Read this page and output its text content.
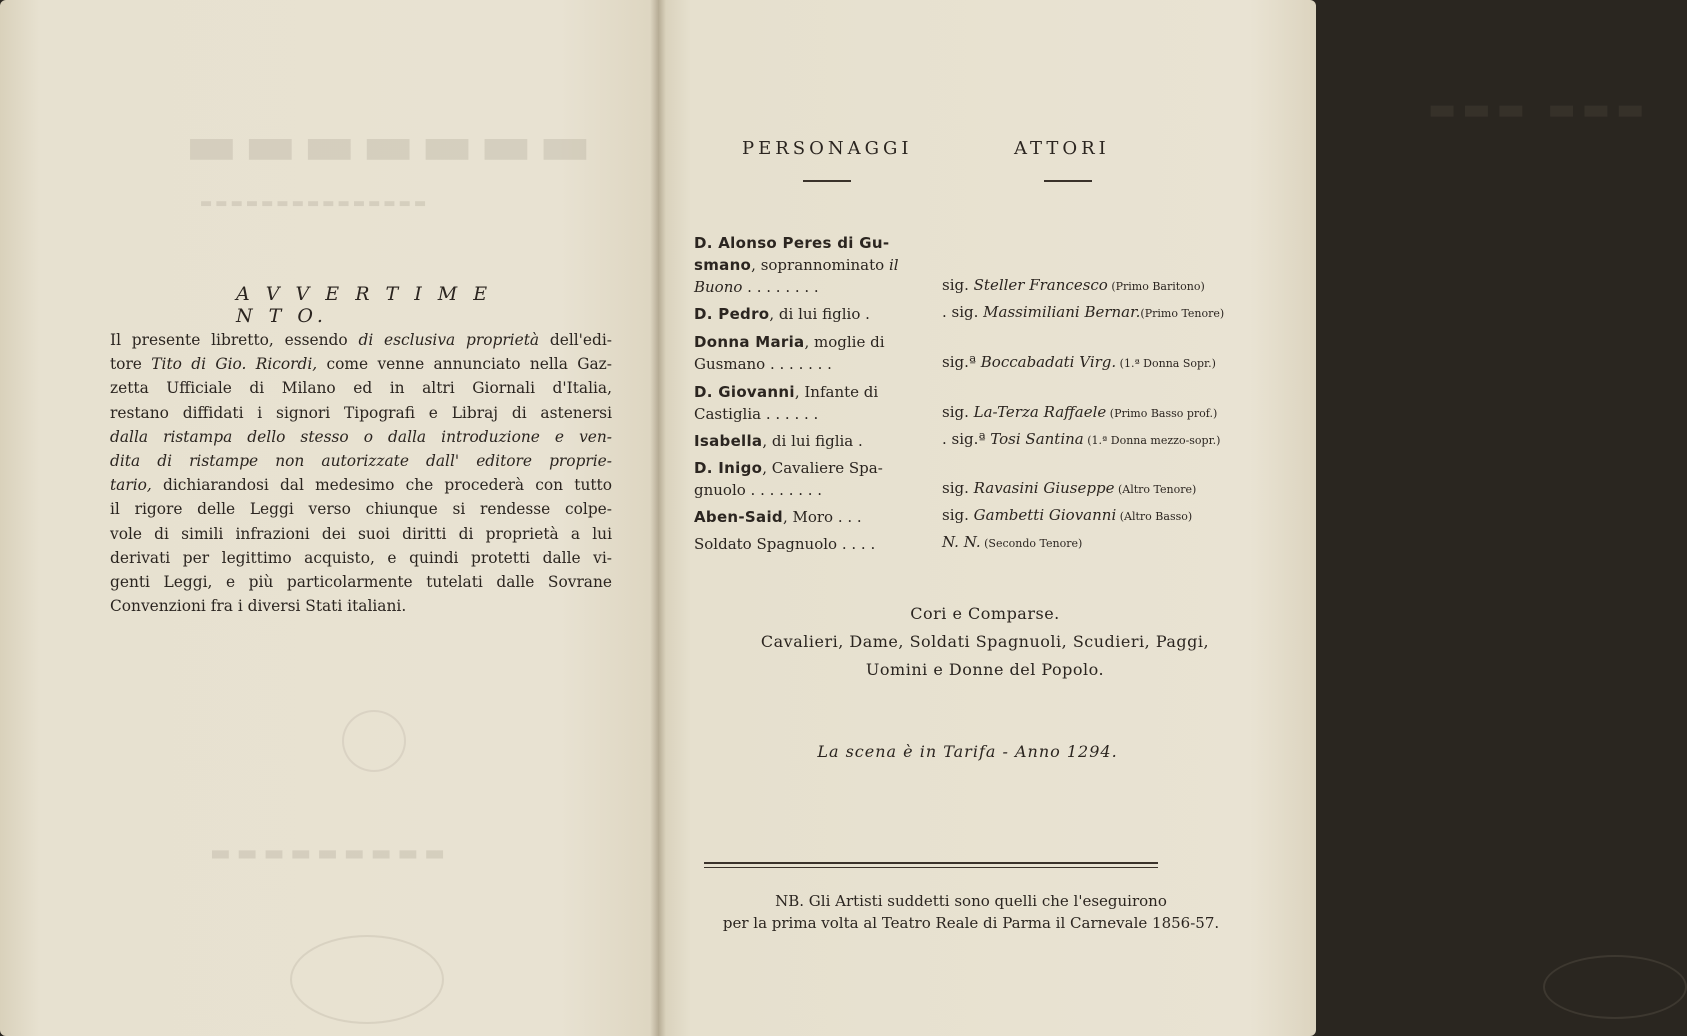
▬▬▬▬▬▬▬
▬▬▬▬▬▬▬▬▬▬▬▬▬▬▬
▬▬▬▬▬▬▬▬▬
A V V E R T I M E N T O.
Il presente libretto, essendo di esclusiva proprietà dell'edi-
tore Tito di Gio. Ricordi, come venne annunciato nella Gaz-
zetta Ufficiale di Milano ed in altri Giornali d'Italia,
restano diffidati i signori Tipografi e Libraj di astenersi
dalla ristampa dello stesso o dalla introduzione e ven-
dita di ristampe non autorizzate dall' editore proprie-
tario, dichiarandosi dal medesimo che procederà con tutto
il rigore delle Leggi verso chiunque si rendesse colpe-
vole di simili infrazioni dei suoi diritti di proprietà a lui
derivati per legittimo acquisto, e quindi protetti dalle vi-
genti Leggi, e più particolarmente tutelati dalle Sovrane
Convenzioni fra i diversi Stati italiani.
▬▬▬ ▬▬▬
PERSONAGGI	ATTORI
D. Alonso Peres di Gu-
smano, soprannominato il
Buono . . . . . . . .	sig. Steller Francesco (Primo Baritono)
D. Pedro, di lui figlio .	. sig. Massimiliani Bernar.(Primo Tenore)
Donna Maria, moglie di
Gusmano . . . . . . .	sig.ª Boccabadati Virg. (1.ª Donna Sopr.)
D. Giovanni, Infante di
Castiglia . . . . . .	sig. La-Terza Raffaele (Primo Basso prof.)
Isabella, di lui figlia .	. sig.ª Tosi Santina (1.ª Donna mezzo-sopr.)
D. Inigo, Cavaliere Spa-
gnuolo . . . . . . . .	sig. Ravasini Giuseppe (Altro Tenore)
Aben-Said, Moro . . .	sig. Gambetti Giovanni (Altro Basso)
Soldato Spagnuolo . . . .	N. N. (Secondo Tenore)
Cori e Comparse.
Cavalieri, Dame, Soldati Spagnuoli, Scudieri, Paggi,
Uomini e Donne del Popolo.
La scena è in Tarifa - Anno 1294.
NB. Gli Artisti suddetti sono quelli che l'eseguirono
per la prima volta al Teatro Reale di Parma il Carnevale 1856-57.
